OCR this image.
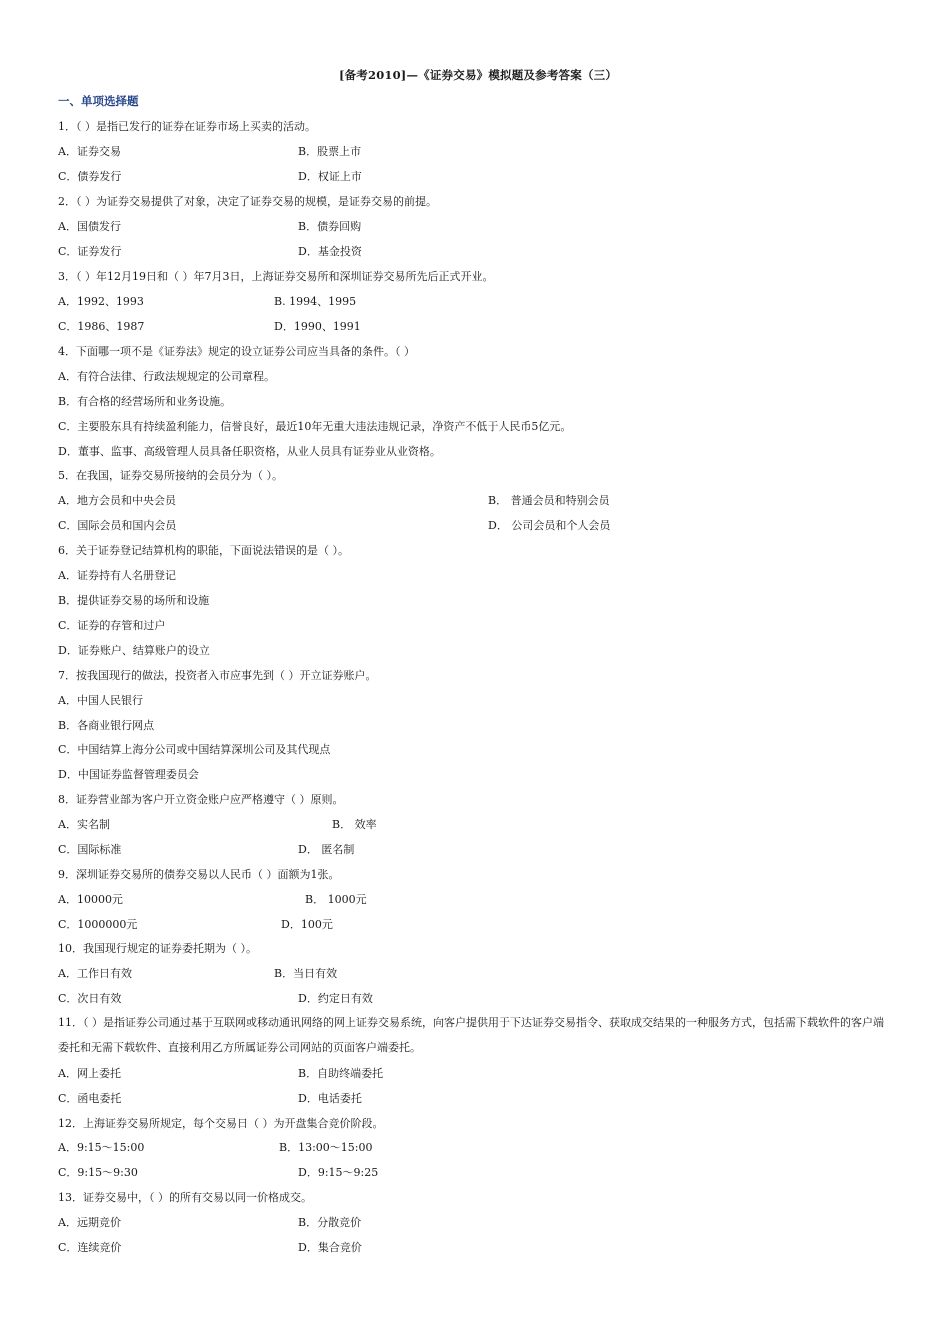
[备考2010]—《证券交易》模拟题及参考答案（三）
一、单项选择题
1．（ ）是指已发行的证券在证券市场上买卖的活动。
A．证券交易	B．股票上市
C．债券发行	D．权证上市
2．（ ）为证券交易提供了对象，决定了证券交易的规模，是证券交易的前提。
A．国债发行	B．债券回购
C．证券发行	D．基金投资
3．（ ）年12月19日和（ ）年7月3日，上海证券交易所和深圳证券交易所先后正式开业。
A．1992、1993	B. 1994、1995
C．1986、1987	D．1990、1991
4．下面哪一项不是《证券法》规定的设立证券公司应当具备的条件。（ ）
A．有符合法律、行政法规规定的公司章程。
B．有合格的经营场所和业务设施。
C．主要股东具有持续盈利能力，信誉良好，最近10年无重大违法违规记录，净资产不低于人民币5亿元。
D．董事、监事、高级管理人员具备任职资格，从业人员具有证券业从业资格。
5．在我国，证券交易所接纳的会员分为（ ）。
A．地方会员和中央会员	B． 普通会员和特别会员
C．国际会员和国内会员	D． 公司会员和个人会员
6．关于证券登记结算机构的职能，下面说法错误的是（ ）。
A．证券持有人名册登记
B．提供证券交易的场所和设施
C．证券的存管和过户
D．证券账户、结算账户的设立
7．按我国现行的做法，投资者入市应事先到（ ）开立证券账户。
A．中国人民银行
B．各商业银行网点
C．中国结算上海分公司或中国结算深圳公司及其代现点
D．中国证券监督管理委员会
8．证券营业部为客户开立资金账户应严格遵守（ ）原则。
A．实名制	B． 效率
C．国际标准	D． 匿名制
9．深圳证券交易所的债券交易以人民币（ ）面额为1张。
A．10000元	B． 1000元
C．1000000元	D．100元
10．我国现行规定的证券委托期为（ ）。
A．工作日有效	B．当日有效
C．次日有效	D．约定日有效
11．（ ）是指证券公司通过基于互联网或移动通讯网络的网上证券交易系统，向客户提供用于下达证券交易指令、获取成交结果的一种服务方式，包括需下载软件的客户端委托和无需下载软件、直接利用乙方所属证券公司网站的页面客户端委托。
A．网上委托	B．自助终端委托
C．函电委托	D．电话委托
12．上海证券交易所规定，每个交易日（ ）为开盘集合竞价阶段。
A．9:15～15:00	B．13:00～15:00
C．9:15～9:30	D．9:15～9:25
13．证券交易中，（ ）的所有交易以同一价格成交。
A．远期竞价	B．分散竞价
C．连续竞价	D．集合竞价
